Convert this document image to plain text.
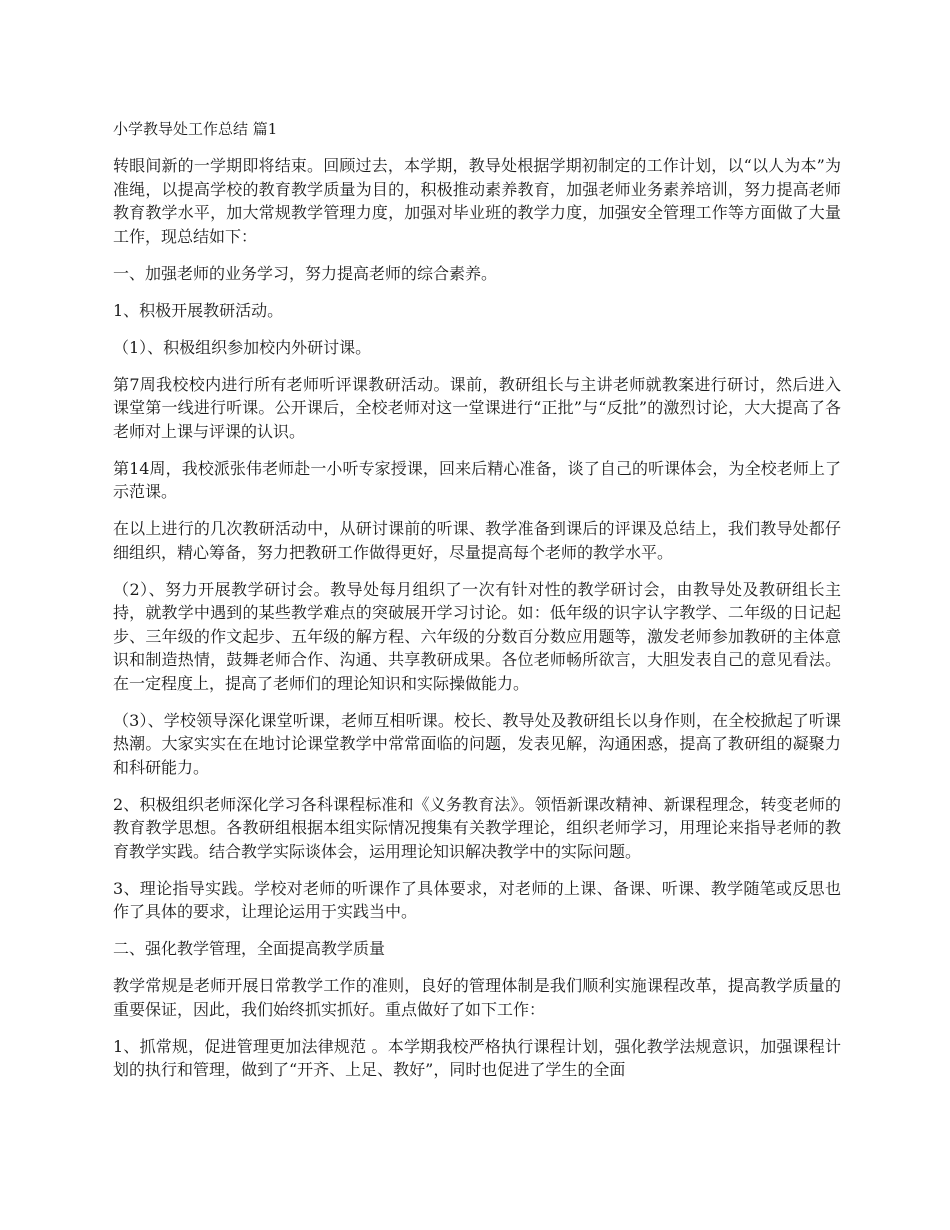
小学教导处工作总结 篇1
转眼间新的一学期即将结束。回顾过去，本学期，教导处根据学期初制定的工作计划，以“以人为本”为准绳，以提高学校的教育教学质量为目的，积极推动素养教育，加强老师业务素养培训，努力提高老师教育教学水平，加大常规教学管理力度，加强对毕业班的教学力度，加强安全管理工作等方面做了大量工作，现总结如下：
一、加强老师的业务学习，努力提高老师的综合素养。
1、积极开展教研活动。
（1）、积极组织参加校内外研讨课。
第7周我校校内进行所有老师听评课教研活动。课前，教研组长与主讲老师就教案进行研讨，然后进入课堂第一线进行听课。公开课后，全校老师对这一堂课进行“正批”与“反批”的激烈讨论，大大提高了各老师对上课与评课的认识。
第14周，我校派张伟老师赴一小听专家授课，回来后精心准备，谈了自己的听课体会，为全校老师上了示范课。
在以上进行的几次教研活动中，从研讨课前的听课、教学准备到课后的评课及总结上，我们教导处都仔细组织，精心筹备，努力把教研工作做得更好，尽量提高每个老师的教学水平。
（2）、努力开展教学研讨会。教导处每月组织了一次有针对性的教学研讨会，由教导处及教研组长主持，就教学中遇到的某些教学难点的突破展开学习讨论。如：低年级的识字认字教学、二年级的日记起步、三年级的作文起步、五年级的解方程、六年级的分数百分数应用题等，激发老师参加教研的主体意识和制造热情，鼓舞老师合作、沟通、共享教研成果。各位老师畅所欲言，大胆发表自己的意见看法。在一定程度上，提高了老师们的理论知识和实际操做能力。
（3）、学校领导深化课堂听课，老师互相听课。校长、教导处及教研组长以身作则，在全校掀起了听课热潮。大家实实在在地讨论课堂教学中常常面临的问题，发表见解，沟通困惑，提高了教研组的凝聚力和科研能力。
2、积极组织老师深化学习各科课程标准和《义务教育法》。领悟新课改精神、新课程理念，转变老师的教育教学思想。各教研组根据本组实际情况搜集有关教学理论，组织老师学习，用理论来指导老师的教育教学实践。结合教学实际谈体会，运用理论知识解决教学中的实际问题。
3、理论指导实践。学校对老师的听课作了具体要求，对老师的上课、备课、听课、教学随笔或反思也作了具体的要求，让理论运用于实践当中。
二、强化教学管理，全面提高教学质量
教学常规是老师开展日常教学工作的准则，良好的管理体制是我们顺利实施课程改革，提高教学质量的重要保证，因此，我们始终抓实抓好。重点做好了如下工作：
1、抓常规，促进管理更加法律规范 。本学期我校严格执行课程计划，强化教学法规意识，加强课程计划的执行和管理，做到了“开齐、上足、教好”，同时也促进了学生的全面
